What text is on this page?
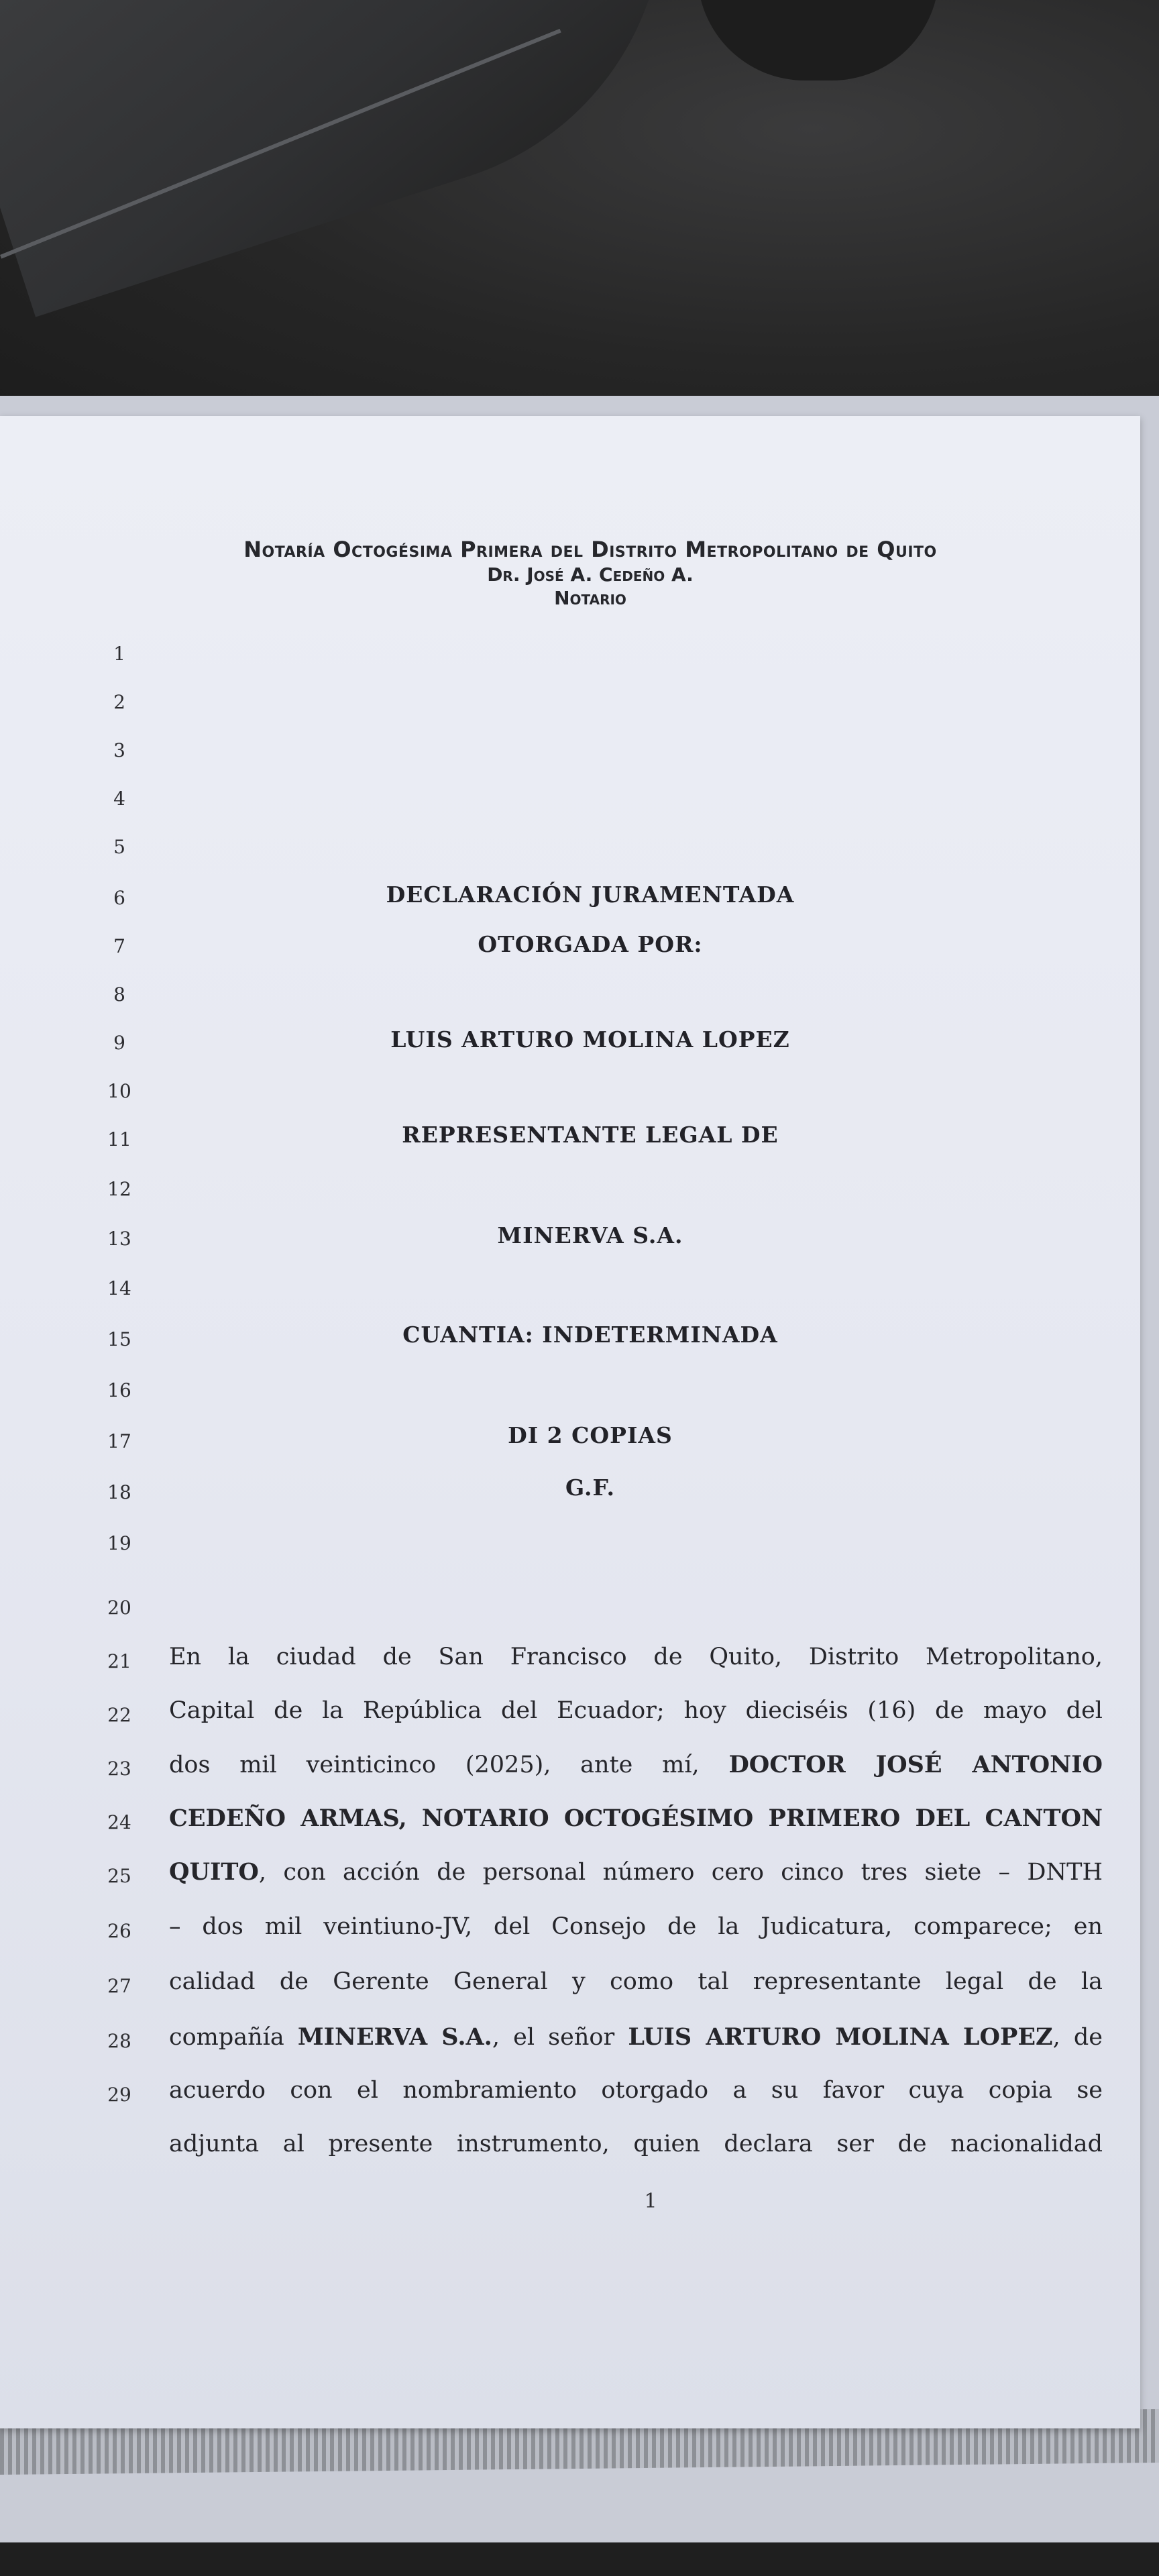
Notaría Octogésima Primera del Distrito Metropolitano de Quito
Dr. José A. Cedeño A.
Notario
1
2
3
4
5
6
7
8
9
10
11
12
13
14
15
16
17
18
19
20
21
22
23
24
25
26
27
28
29
DECLARACIÓN JURAMENTADA
OTORGADA POR:
LUIS ARTURO MOLINA LOPEZ
REPRESENTANTE LEGAL DE
MINERVA S.A.
CUANTIA: INDETERMINADA
DI 2 COPIAS
G.F.
En la ciudad de San Francisco de Quito, Distrito Metropolitano,
Capital de la República del Ecuador; hoy dieciséis (16) de mayo del
dos mil veinticinco (2025), ante mí, DOCTOR JOSÉ ANTONIO
CEDEÑO ARMAS, NOTARIO OCTOGÉSIMO PRIMERO DEL CANTON
QUITO, con acción de personal número cero cinco tres siete – DNTH
– dos mil veintiuno-JV, del Consejo de la Judicatura, comparece; en
calidad de Gerente General y como tal representante legal de la
compañía MINERVA S.A., el señor LUIS ARTURO MOLINA LOPEZ, de
acuerdo con el nombramiento otorgado a su favor cuya copia se
adjunta al presente instrumento, quien declara ser de nacionalidad
1
